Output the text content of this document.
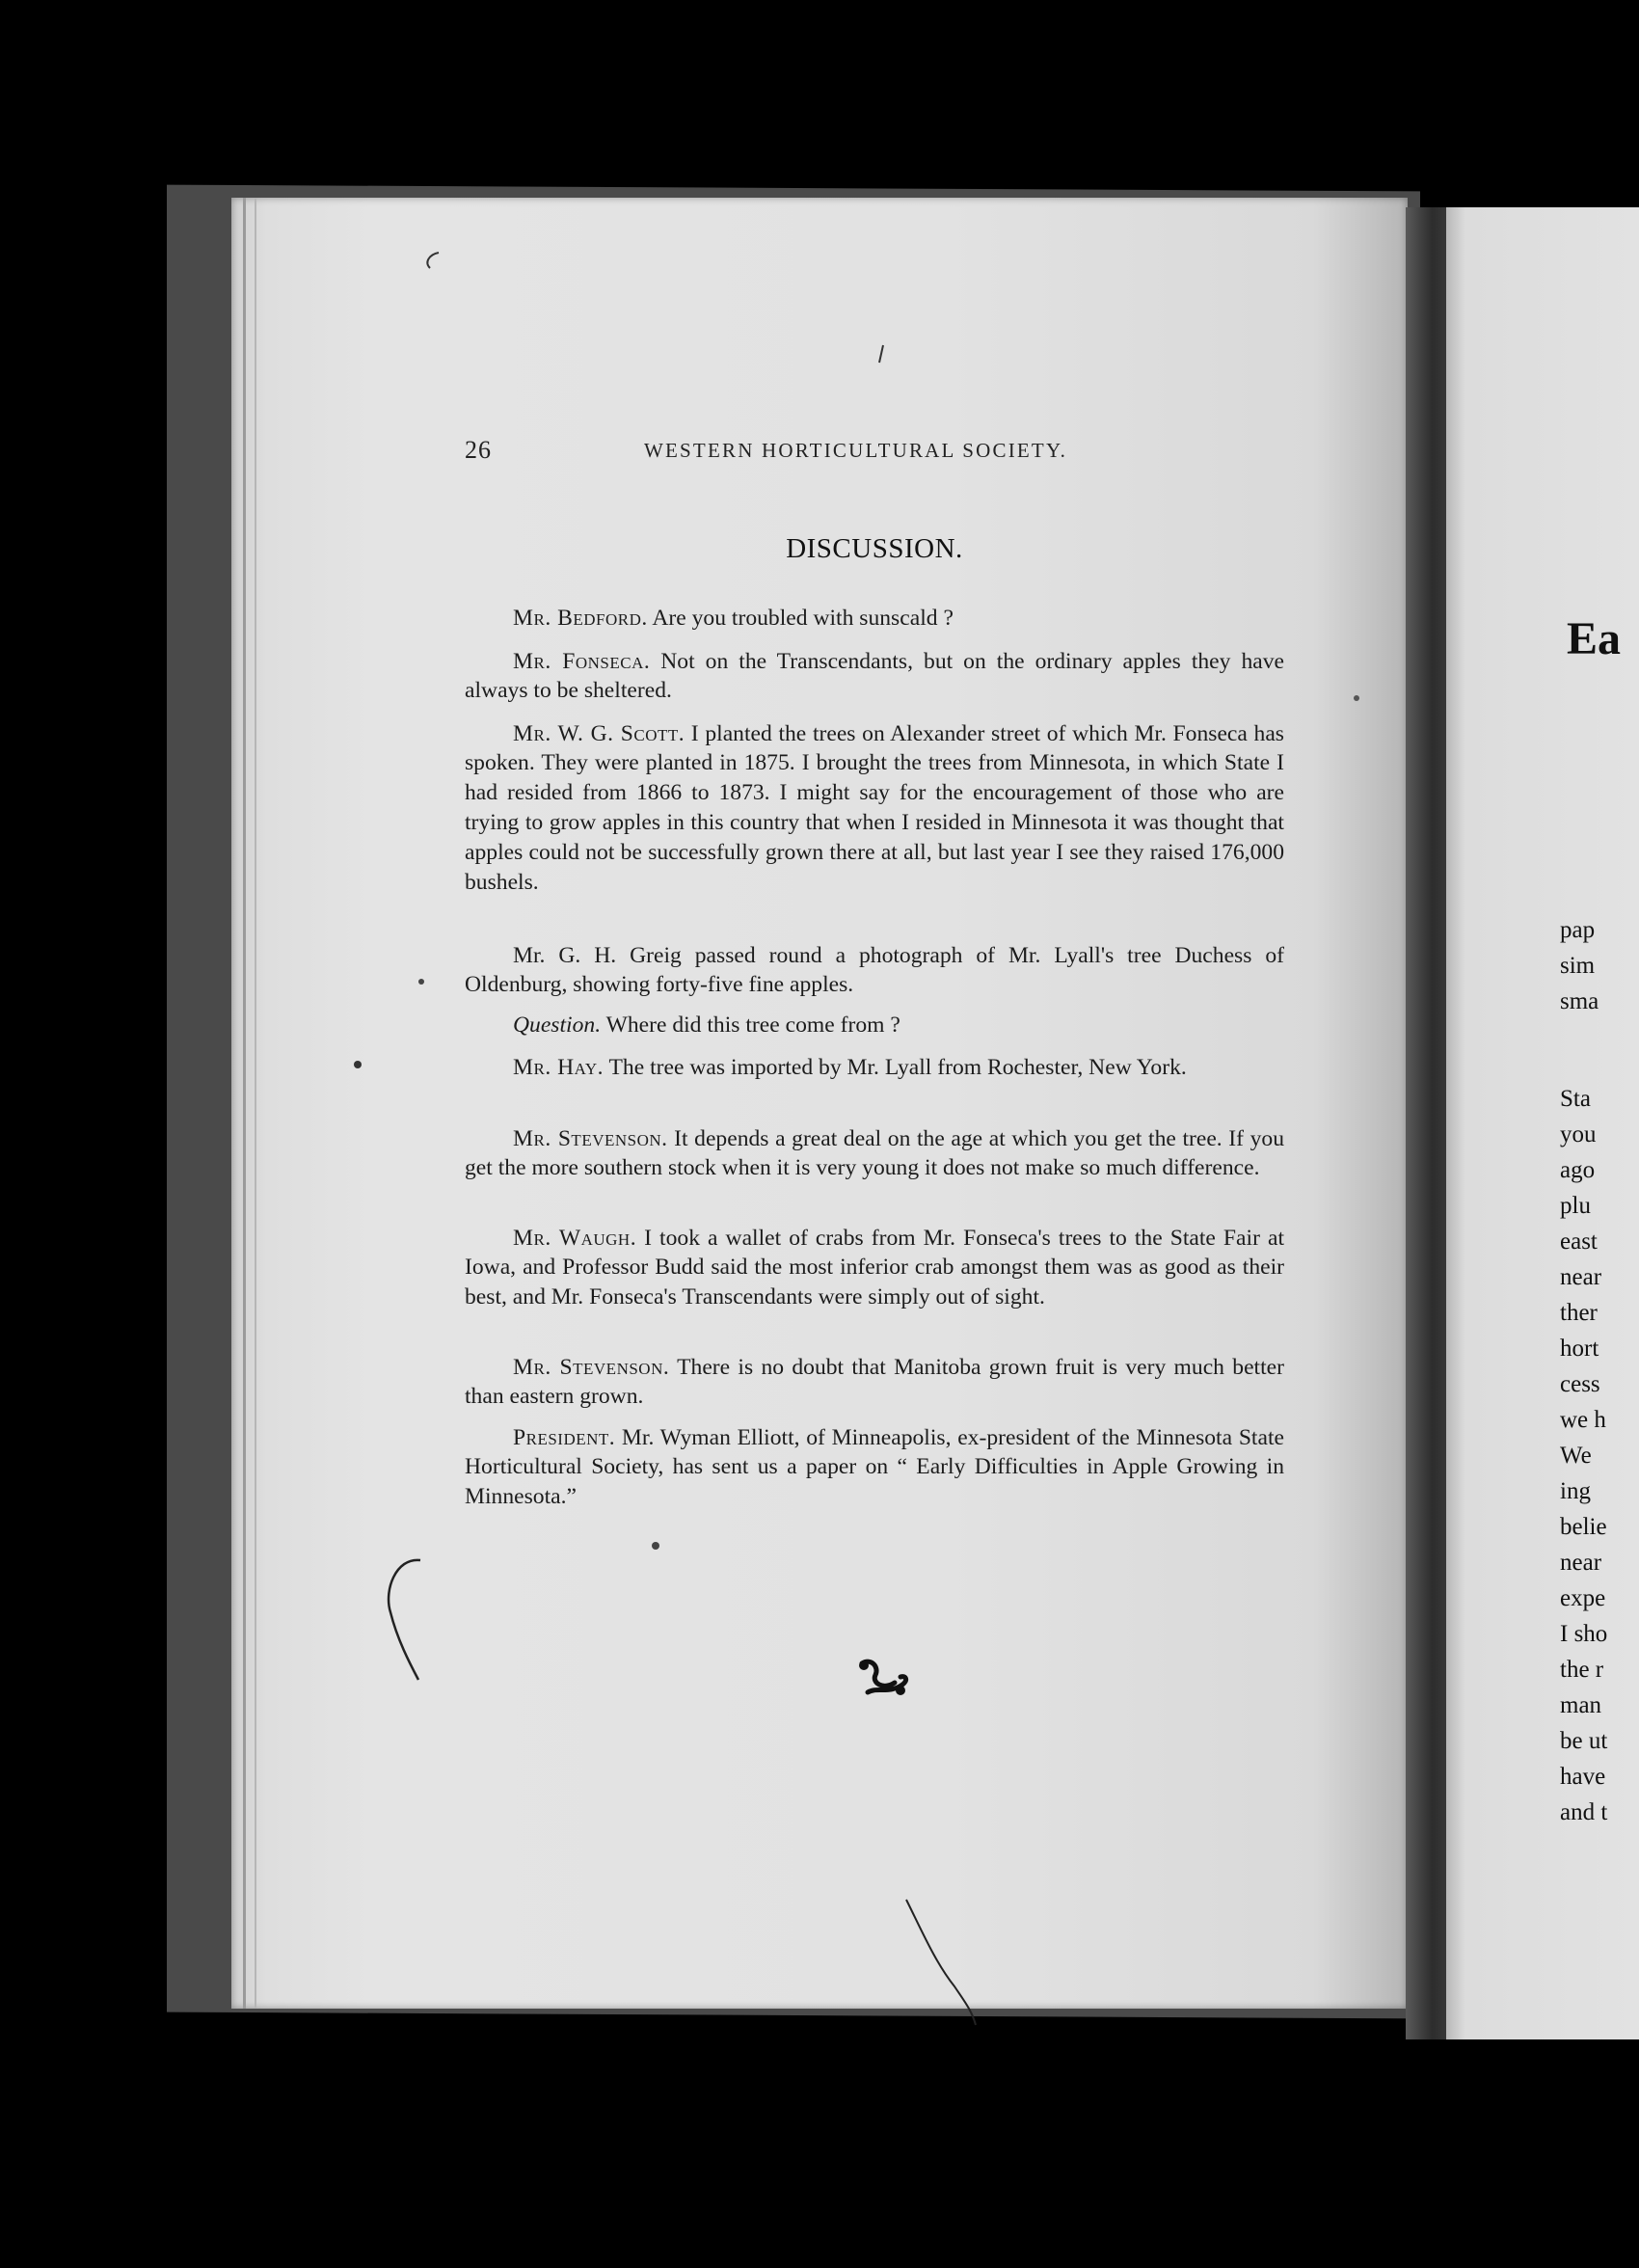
26	WESTERN HORTICULTURAL SOCIETY.
DISCUSSION.

Mr. Bedford. Are you troubled with sunscald ?

Mr. Fonseca. Not on the Transcendants, but on the ordinary apples they have always to be sheltered.

Mr. W. G. Scott. I planted the trees on Alexander street of which Mr. Fonseca has spoken. They were planted in 1875. I brought the trees from Minnesota, in which State I had resided from 1866 to 1873. I might say for the encouragement of those who are trying to grow apples in this country that when I resided in Minnesota it was thought that apples could not be successfully grown there at all, but last year I see they raised 176,000 bushels.

Mr. G. H. Greig passed round a photograph of Mr. Lyall's tree Duchess of Oldenburg, showing forty-five fine apples.

Question. Where did this tree come from ?

Mr. Hay. The tree was imported by Mr. Lyall from Rochester, New York.

Mr. Stevenson. It depends a great deal on the age at which you get the tree. If you get the more southern stock when it is very young it does not make so much difference.

Mr. Waugh. I took a wallet of crabs from Mr. Fonseca's trees to the State Fair at Iowa, and Professor Budd said the most inferior crab amongst them was as good as their best, and Mr. Fonseca's Transcendants were simply out of sight.

Mr. Stevenson. There is no doubt that Manitoba grown fruit is very much better than eastern grown.

President. Mr. Wyman Elliott, of Minneapolis, ex-president of the Minnesota State Horticultural Society, has sent us a paper on “ Early Difficulties in Apple Growing in Minnesota.”

Ea
pap
sim
sma
Sta
you
ago
plu
east
near
ther
hort
cess
we h
We
ing
belie
near
expe
I sho
the r
man
be ut
have
and t
